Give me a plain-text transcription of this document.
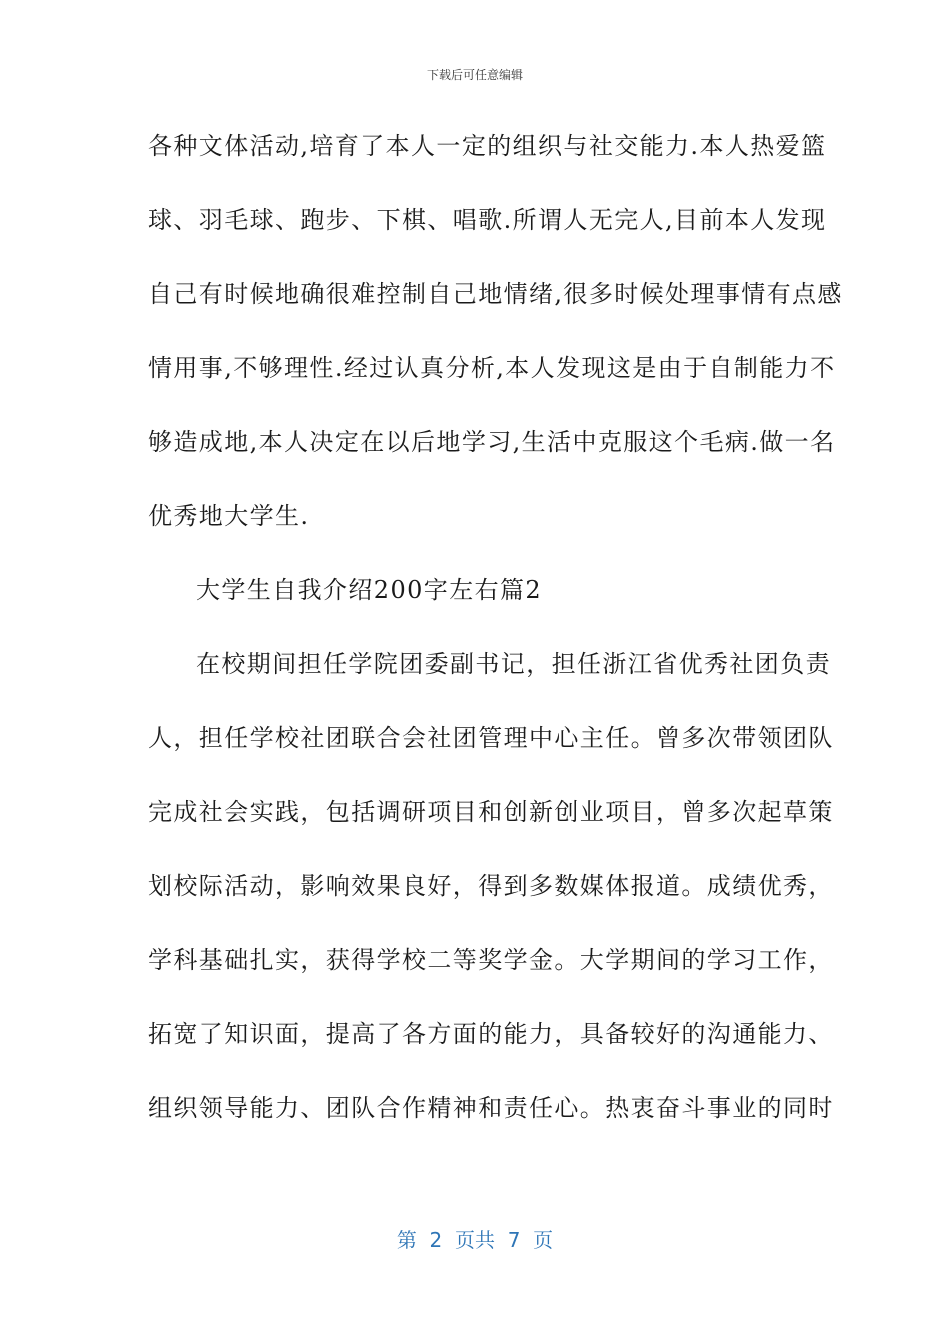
下载后可任意编辑
各种文体活动,培育了本人一定的组织与社交能力.本人热爱篮
球、羽毛球、跑步、下棋、唱歌.所谓人无完人,目前本人发现
自己有时候地确很难控制自己地情绪,很多时候处理事情有点感
情用事,不够理性.经过认真分析,本人发现这是由于自制能力不
够造成地,本人决定在以后地学习,生活中克服这个毛病.做一名
优秀地大学生.
大学生自我介绍200字左右篇2
在校期间担任学院团委副书记，担任浙江省优秀社团负责
人，担任学校社团联合会社团管理中心主任。曾多次带领团队
完成社会实践，包括调研项目和创新创业项目，曾多次起草策
划校际活动，影响效果良好，得到多数媒体报道。成绩优秀，
学科基础扎实，获得学校二等奖学金。大学期间的学习工作，
拓宽了知识面，提高了各方面的能力，具备较好的沟通能力、
组织领导能力、团队合作精神和责任心。热衷奋斗事业的同时
第  2  页共  7  页
